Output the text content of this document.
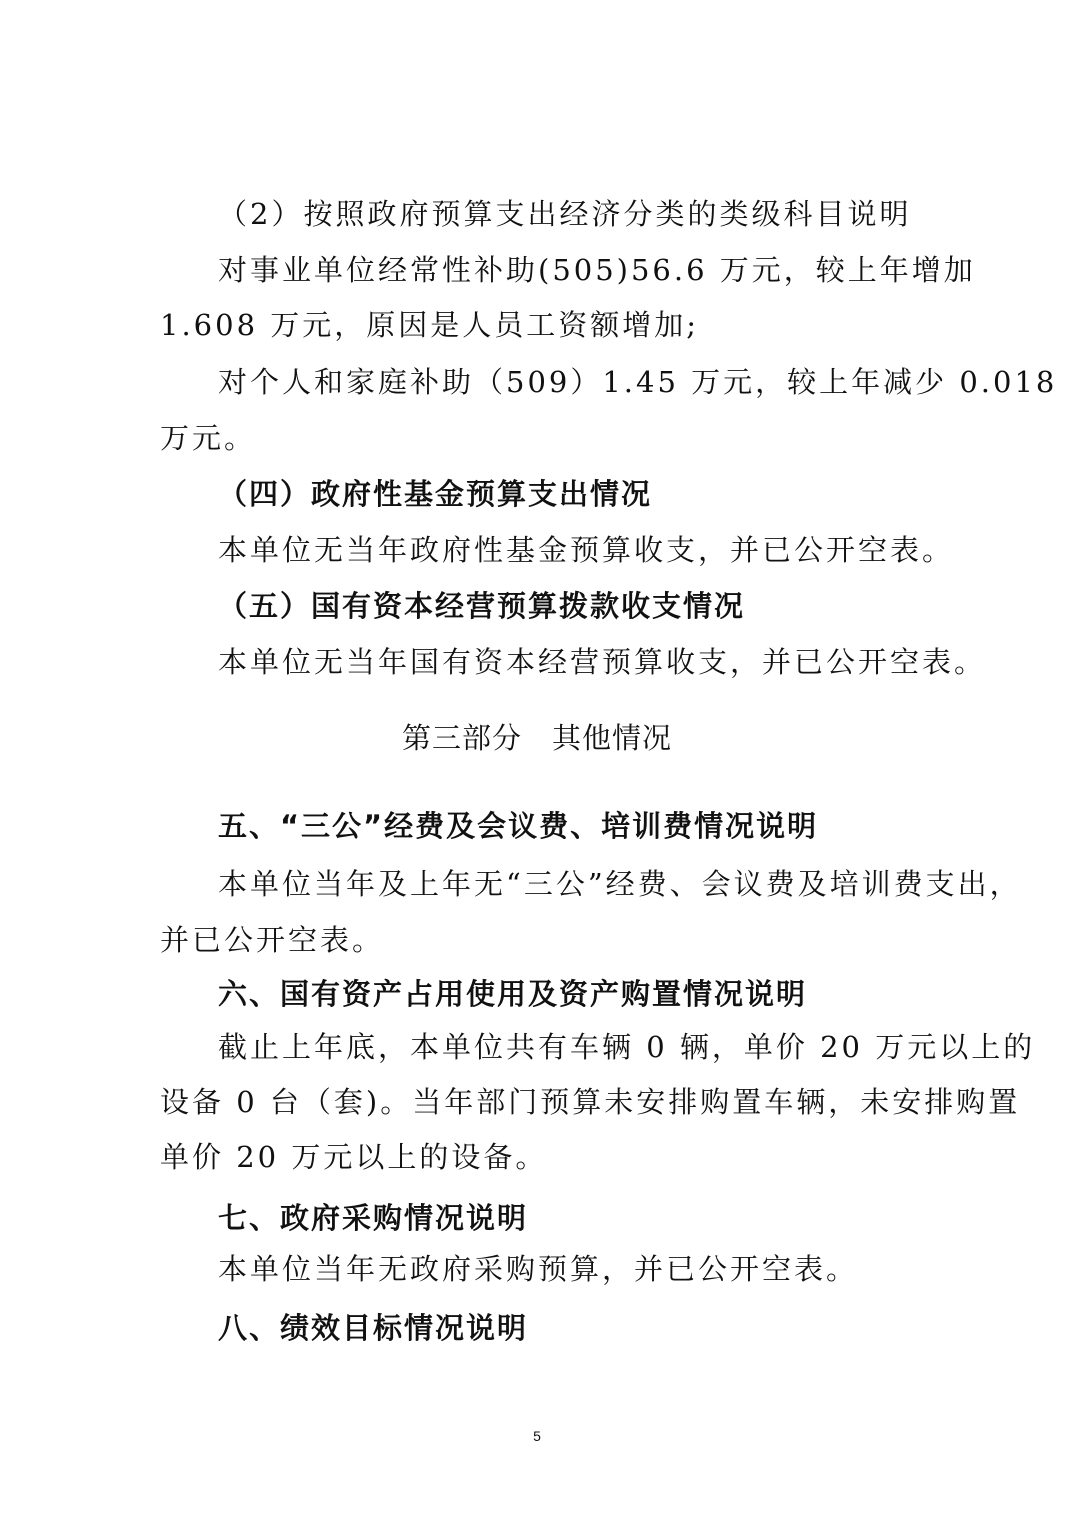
（2）按照政府预算支出经济分类的类级科目说明
对事业单位经常性补助(505)56.6 万元，较上年增加
1.608 万元，原因是人员工资额增加;
对个人和家庭补助（509）1.45 万元，较上年减少 0.018
万元。
（四）政府性基金预算支出情况
本单位无当年政府性基金预算收支，并已公开空表。
（五）国有资本经营预算拨款收支情况
本单位无当年国有资本经营预算收支，并已公开空表。
第三部分　其他情况
五、“三公”经费及会议费、培训费情况说明
本单位当年及上年无“三公”经费、会议费及培训费支出，
并已公开空表。
六、国有资产占用使用及资产购置情况说明
截止上年底，本单位共有车辆 0 辆，单价 20 万元以上的
设备 0 台（套)。当年部门预算未安排购置车辆，未安排购置
单价 20 万元以上的设备。
七、政府采购情况说明
本单位当年无政府采购预算，并已公开空表。
八、绩效目标情况说明
5
